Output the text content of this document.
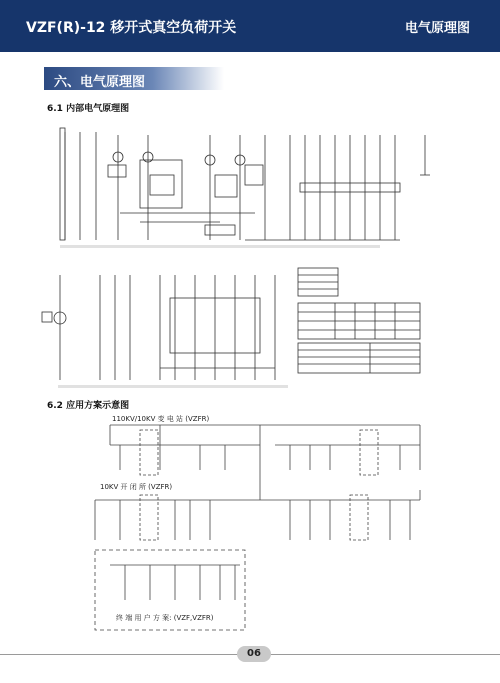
VZF(R)-12 移开式真空负荷开关	电气原理图
六、电气原理图
6.1 内部电气原理图
6.2 应用方案示意图
110KV/10KV 变 电 站 (VZFR)
10KV 开 闭 所 (VZFR)
终 端 用 户 方 案: (VZF,VZFR)
06
